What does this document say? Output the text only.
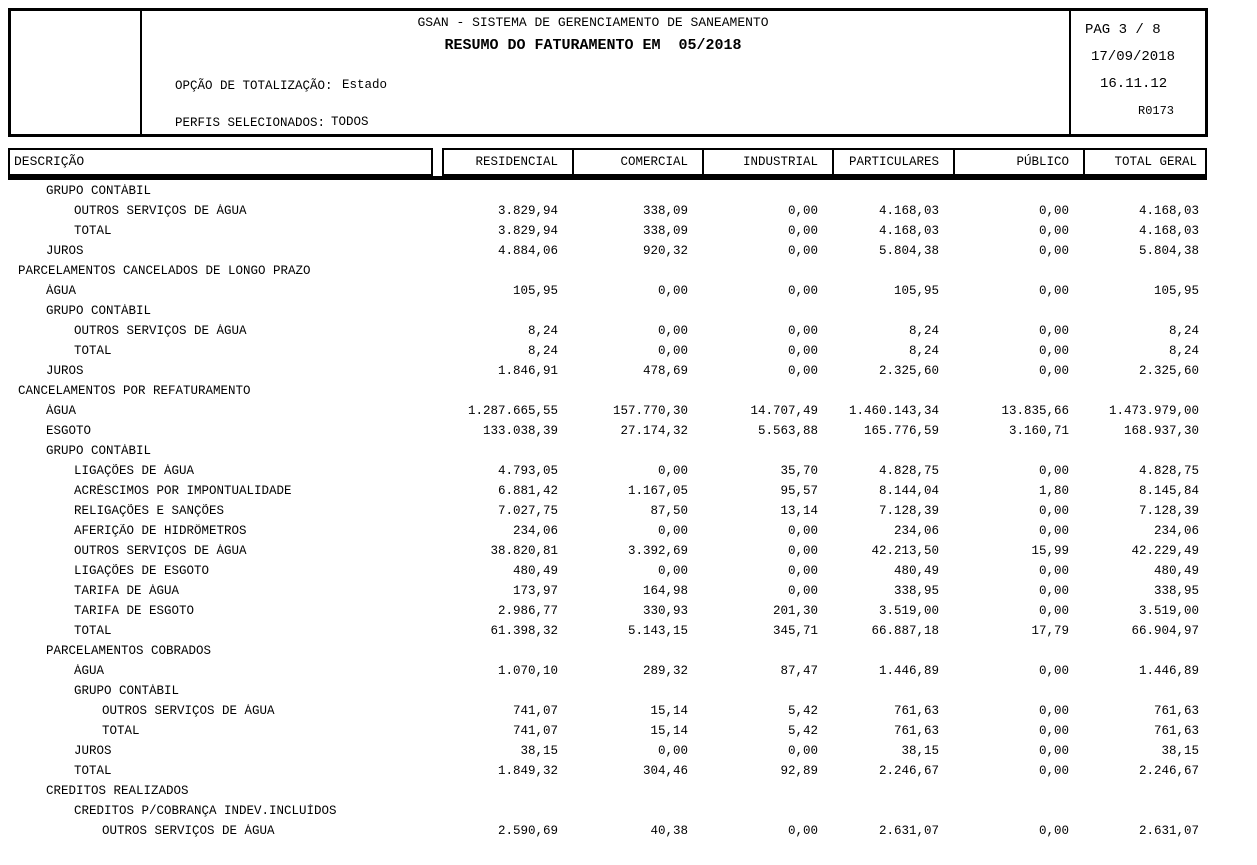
GSAN - SISTEMA DE GERENCIAMENTO DE SANEAMENTO
RESUMO DO FATURAMENTO EM  05/2018
OPÇÃO DE TOTALIZAÇÃO: Estado
PERFIS SELECIONADOS: TODOS
PAG 3 / 8
17/09/2018
16.11.12
R0173
DESCRIÇÃO	RESIDENCIAL	COMERCIAL	INDUSTRIAL	PARTICULARES	PÚBLICO	TOTAL GERAL
GRUPO CONTÁBIL
OUTROS SERVIÇOS DE ÁGUA	3.829,94	338,09	0,00	4.168,03	0,00	4.168,03
TOTAL	3.829,94	338,09	0,00	4.168,03	0,00	4.168,03
JUROS	4.884,06	920,32	0,00	5.804,38	0,00	5.804,38
PARCELAMENTOS CANCELADOS DE LONGO PRAZO
ÁGUA	105,95	0,00	0,00	105,95	0,00	105,95
GRUPO CONTÁBIL
OUTROS SERVIÇOS DE ÁGUA	8,24	0,00	0,00	8,24	0,00	8,24
TOTAL	8,24	0,00	0,00	8,24	0,00	8,24
JUROS	1.846,91	478,69	0,00	2.325,60	0,00	2.325,60
CANCELAMENTOS POR REFATURAMENTO
ÁGUA	1.287.665,55	157.770,30	14.707,49	1.460.143,34	13.835,66	1.473.979,00
ESGOTO	133.038,39	27.174,32	5.563,88	165.776,59	3.160,71	168.937,30
GRUPO CONTÁBIL
LIGAÇÕES DE ÁGUA	4.793,05	0,00	35,70	4.828,75	0,00	4.828,75
ACRÉSCIMOS POR IMPONTUALIDADE	6.881,42	1.167,05	95,57	8.144,04	1,80	8.145,84
RELIGAÇÕES E SANÇÕES	7.027,75	87,50	13,14	7.128,39	0,00	7.128,39
AFERIÇÃO DE HIDRÔMETROS	234,06	0,00	0,00	234,06	0,00	234,06
OUTROS SERVIÇOS DE ÁGUA	38.820,81	3.392,69	0,00	42.213,50	15,99	42.229,49
LIGAÇÕES DE ESGOTO	480,49	0,00	0,00	480,49	0,00	480,49
TARIFA DE ÁGUA	173,97	164,98	0,00	338,95	0,00	338,95
TARIFA DE ESGOTO	2.986,77	330,93	201,30	3.519,00	0,00	3.519,00
TOTAL	61.398,32	5.143,15	345,71	66.887,18	17,79	66.904,97
PARCELAMENTOS COBRADOS
ÁGUA	1.070,10	289,32	87,47	1.446,89	0,00	1.446,89
GRUPO CONTÁBIL
OUTROS SERVIÇOS DE ÁGUA	741,07	15,14	5,42	761,63	0,00	761,63
TOTAL	741,07	15,14	5,42	761,63	0,00	761,63
JUROS	38,15	0,00	0,00	38,15	0,00	38,15
TOTAL	1.849,32	304,46	92,89	2.246,67	0,00	2.246,67
CREDITOS REALIZADOS
CREDITOS P/COBRANÇA INDEV.INCLUÍDOS
OUTROS SERVIÇOS DE ÁGUA	2.590,69	40,38	0,00	2.631,07	0,00	2.631,07
